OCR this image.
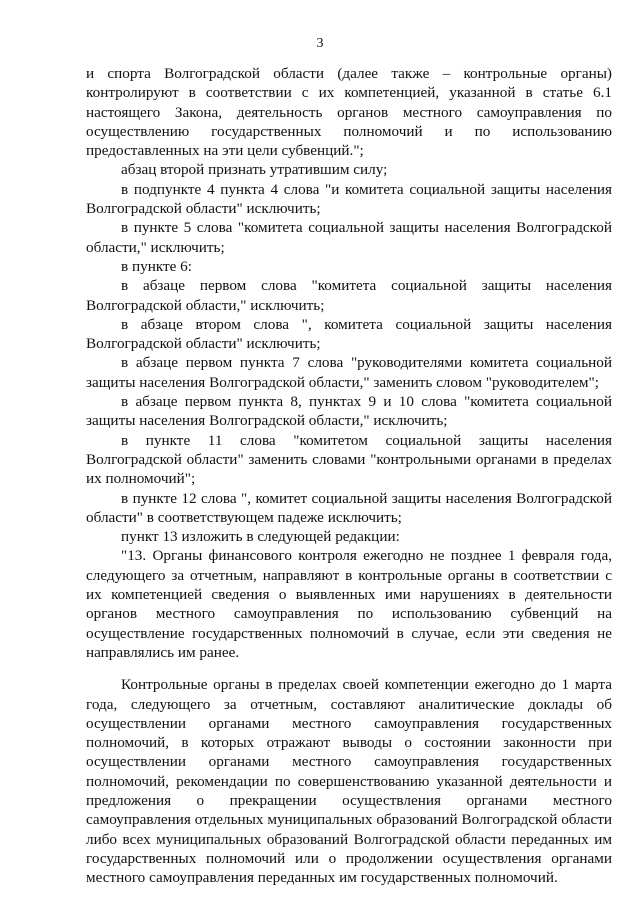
3

и спорта Волгоградской области (далее также – контрольные органы) контролируют в соответствии с их компетенцией, указанной в статье 6.1 настоящего Закона, деятельность органов местного самоуправления по осуществлению государственных полномочий и по использованию предоставленных на эти цели субвенций.";

абзац второй признать утратившим силу;

в подпункте 4 пункта 4 слова "и комитета социальной защиты населения Волгоградской области" исключить;

в пункте 5 слова "комитета социальной защиты населения Волгоградской области," исключить;

в пункте 6:

в абзаце первом слова "комитета социальной защиты населения Волгоградской области," исключить;

в абзаце втором слова ", комитета социальной защиты населения Волгоградской области" исключить;

в абзаце первом пункта 7 слова "руководителями комитета социальной защиты населения Волгоградской области," заменить словом "руководителем";

в абзаце первом пункта 8, пунктах 9 и 10 слова "комитета социальной защиты населения Волгоградской области," исключить;

в пункте 11 слова "комитетом социальной защиты населения Волгоградской области" заменить словами "контрольными органами в пределах их полномочий";

в пункте 12 слова ", комитет социальной защиты населения Волгоградской области" в соответствующем падеже исключить;

пункт 13 изложить в следующей редакции:

"13. Органы финансового контроля ежегодно не позднее 1 февраля года, следующего за отчетным, направляют в контрольные органы в соответствии с их компетенцией сведения о выявленных ими нарушениях в деятельности органов местного самоуправления по использованию субвенций на осуществление государственных полномочий в случае, если эти сведения не направлялись им ранее.

Контрольные органы в пределах своей компетенции ежегодно до 1 марта года, следующего за отчетным, составляют аналитические доклады об осуществлении органами местного самоуправления государственных полномочий, в которых отражают выводы о состоянии законности при осуществлении органами местного самоуправления государственных полномочий, рекомендации по совершенствованию указанной деятельности и предложения о прекращении осуществления органами местного самоуправления отдельных муниципальных образований Волгоградской области либо всех муниципальных образований Волгоградской области переданных им государственных полномочий или о продолжении осуществления органами местного самоуправления переданных им государственных полномочий.
